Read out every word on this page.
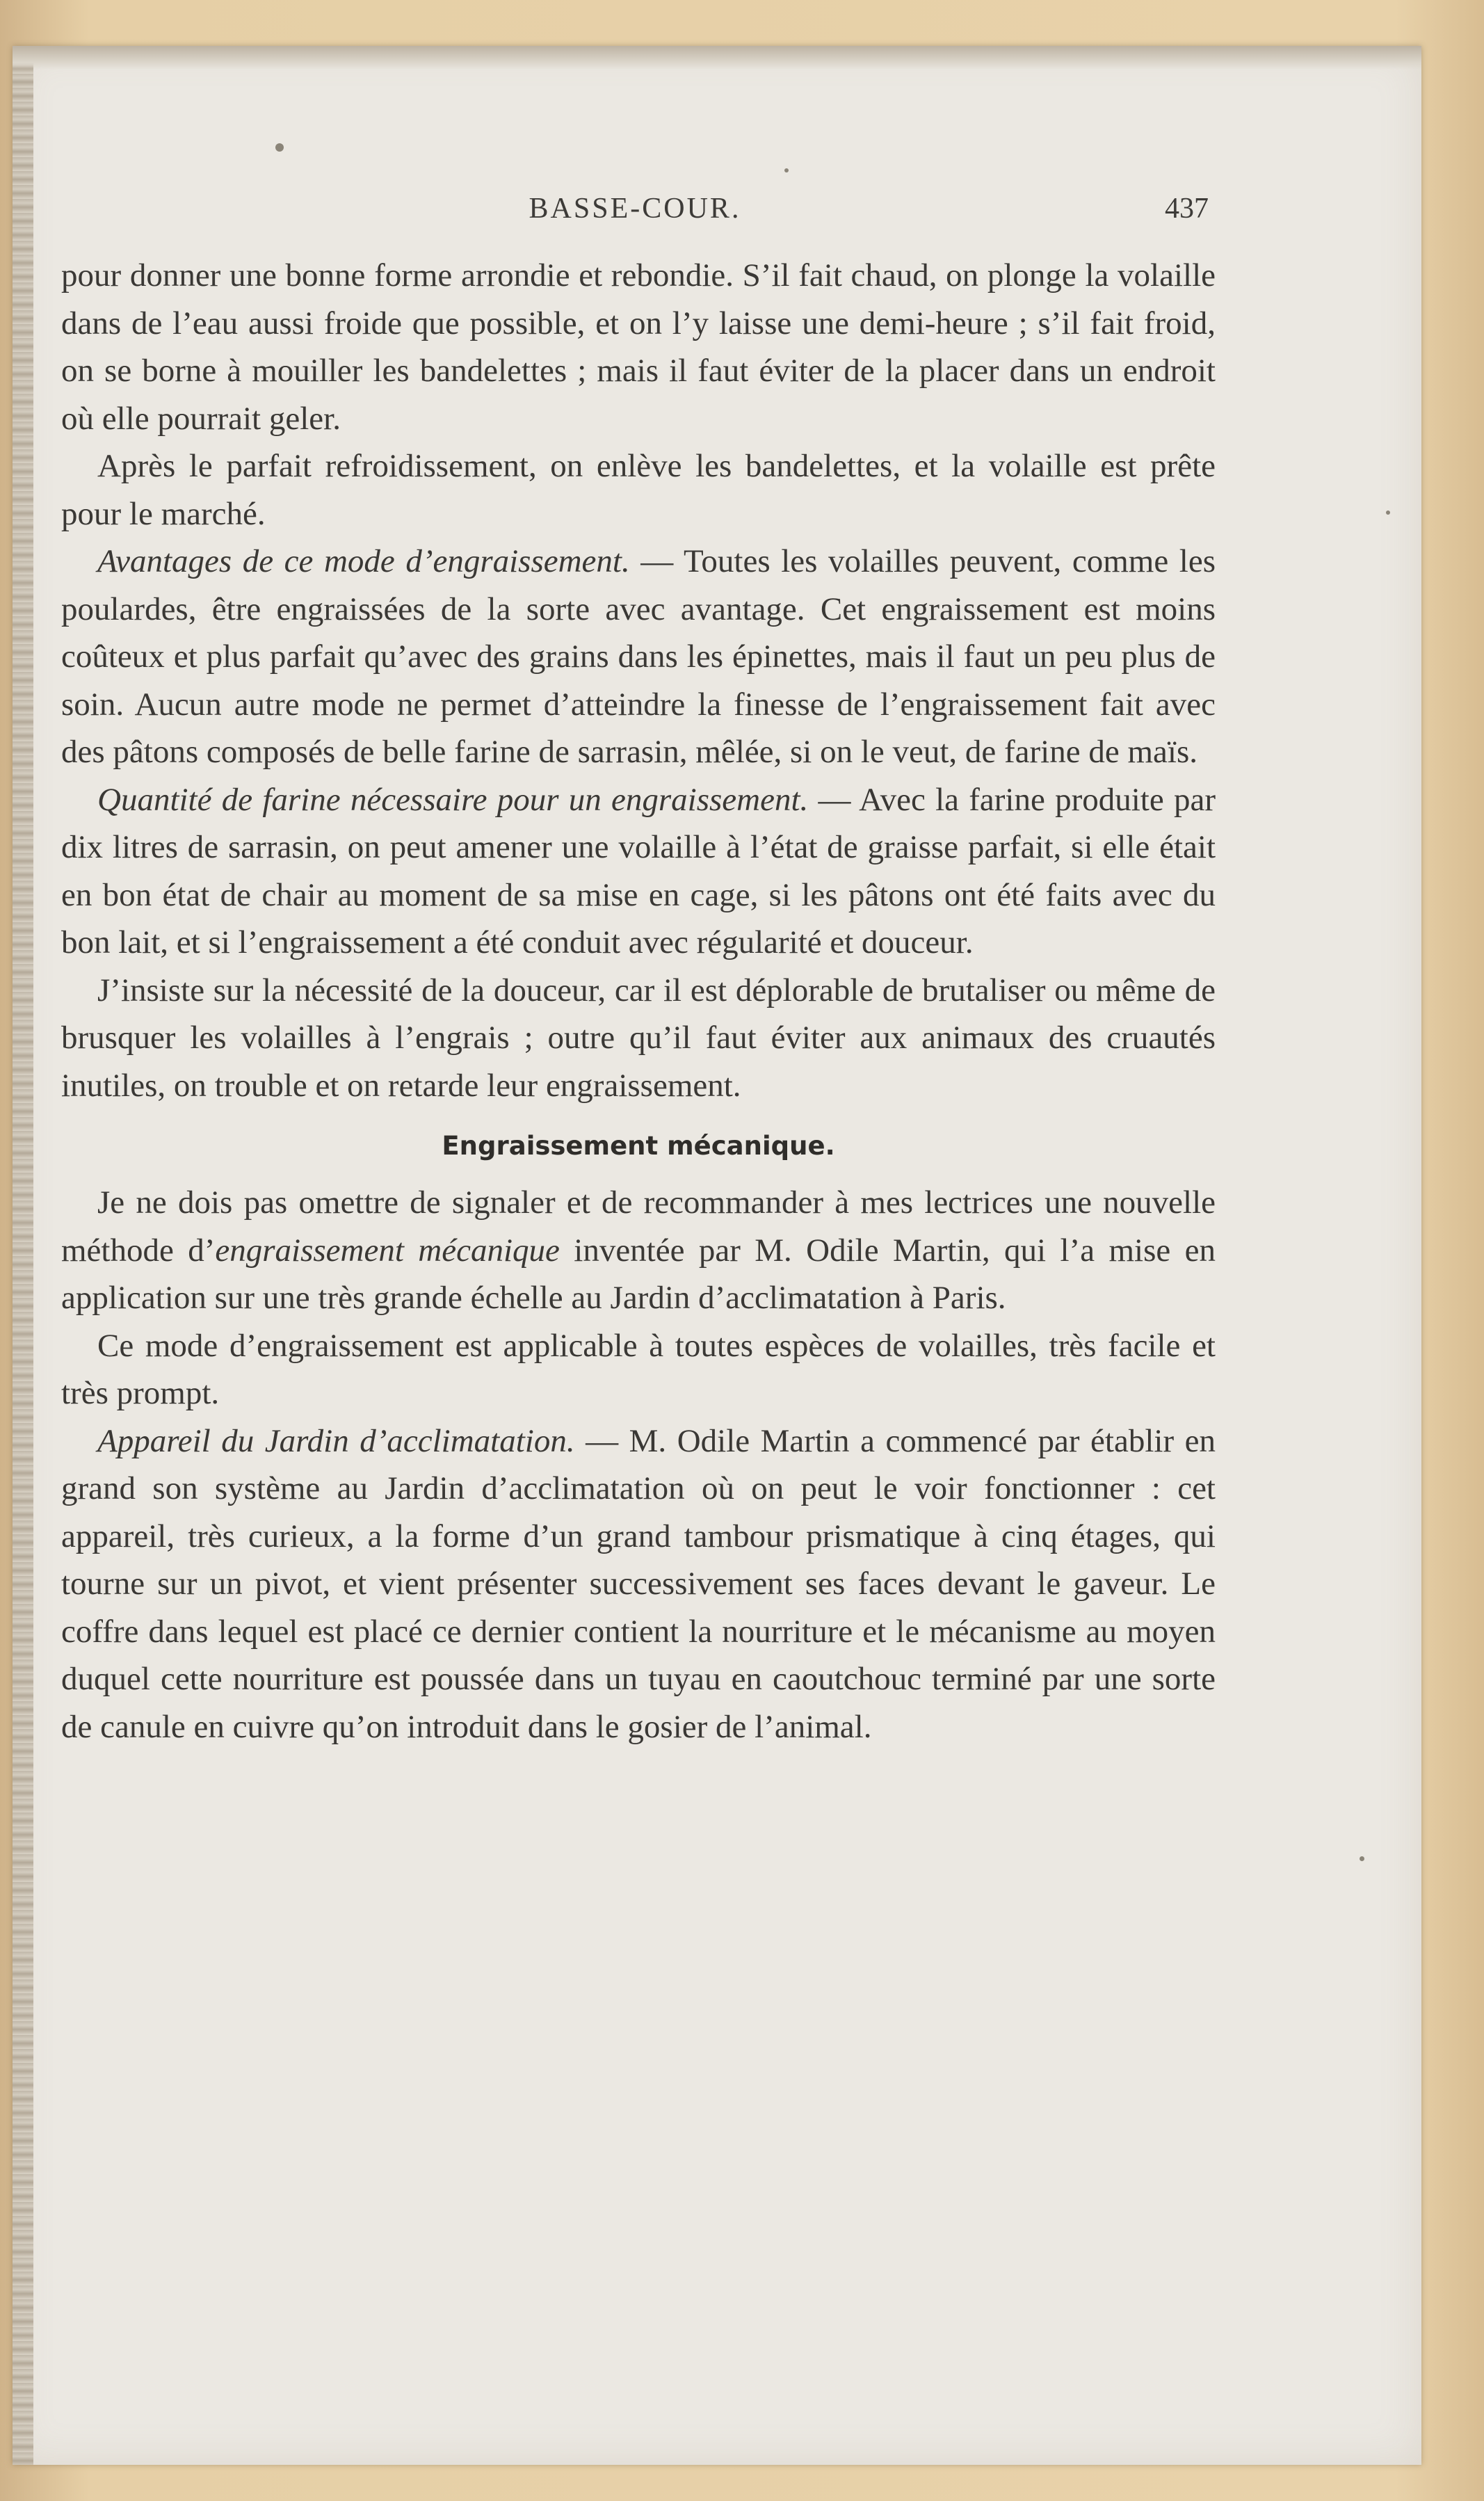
BASSE-COUR.	437

pour donner une bonne forme arrondie et rebondie. S’il fait chaud, on plonge la volaille dans de l’eau aussi froide que possible, et on l’y laisse une demi-heure ; s’il fait froid, on se borne à mouiller les bandelettes ; mais il faut éviter de la placer dans un endroit où elle pourrait geler.

Après le parfait refroidissement, on enlève les bandelettes, et la volaille est prête pour le marché.

Avantages de ce mode d’engraissement. — Toutes les volailles peuvent, comme les poulardes, être engraissées de la sorte avec avantage. Cet engraissement est moins coûteux et plus parfait qu’avec des grains dans les épinettes, mais il faut un peu plus de soin. Aucun autre mode ne permet d’atteindre la finesse de l’engraissement fait avec des pâtons composés de belle farine de sarrasin, mêlée, si on le veut, de farine de maïs.

Quantité de farine nécessaire pour un engraissement. — Avec la farine produite par dix litres de sarrasin, on peut amener une volaille à l’état de graisse parfait, si elle était en bon état de chair au moment de sa mise en cage, si les pâtons ont été faits avec du bon lait, et si l’engraissement a été conduit avec régularité et douceur.

J’insiste sur la nécessité de la douceur, car il est déplorable de brutaliser ou même de brusquer les volailles à l’engrais ; outre qu’il faut éviter aux animaux des cruautés inutiles, on trouble et on retarde leur engraissement.

Engraissement mécanique.

Je ne dois pas omettre de signaler et de recommander à mes lectrices une nouvelle méthode d’engraissement mécanique inventée par M. Odile Martin, qui l’a mise en application sur une très grande échelle au Jardin d’acclimatation à Paris.

Ce mode d’engraissement est applicable à toutes espèces de volailles, très facile et très prompt.

Appareil du Jardin d’acclimatation. — M. Odile Martin a commencé par établir en grand son système au Jardin d’acclimatation où on peut le voir fonctionner : cet appareil, très curieux, a la forme d’un grand tambour prismatique à cinq étages, qui tourne sur un pivot, et vient présenter successivement ses faces devant le gaveur. Le coffre dans lequel est placé ce dernier contient la nourriture et le mécanisme au moyen duquel cette nourriture est poussée dans un tuyau en caoutchouc terminé par une sorte de canule en cuivre qu’on introduit dans le gosier de l’animal.
